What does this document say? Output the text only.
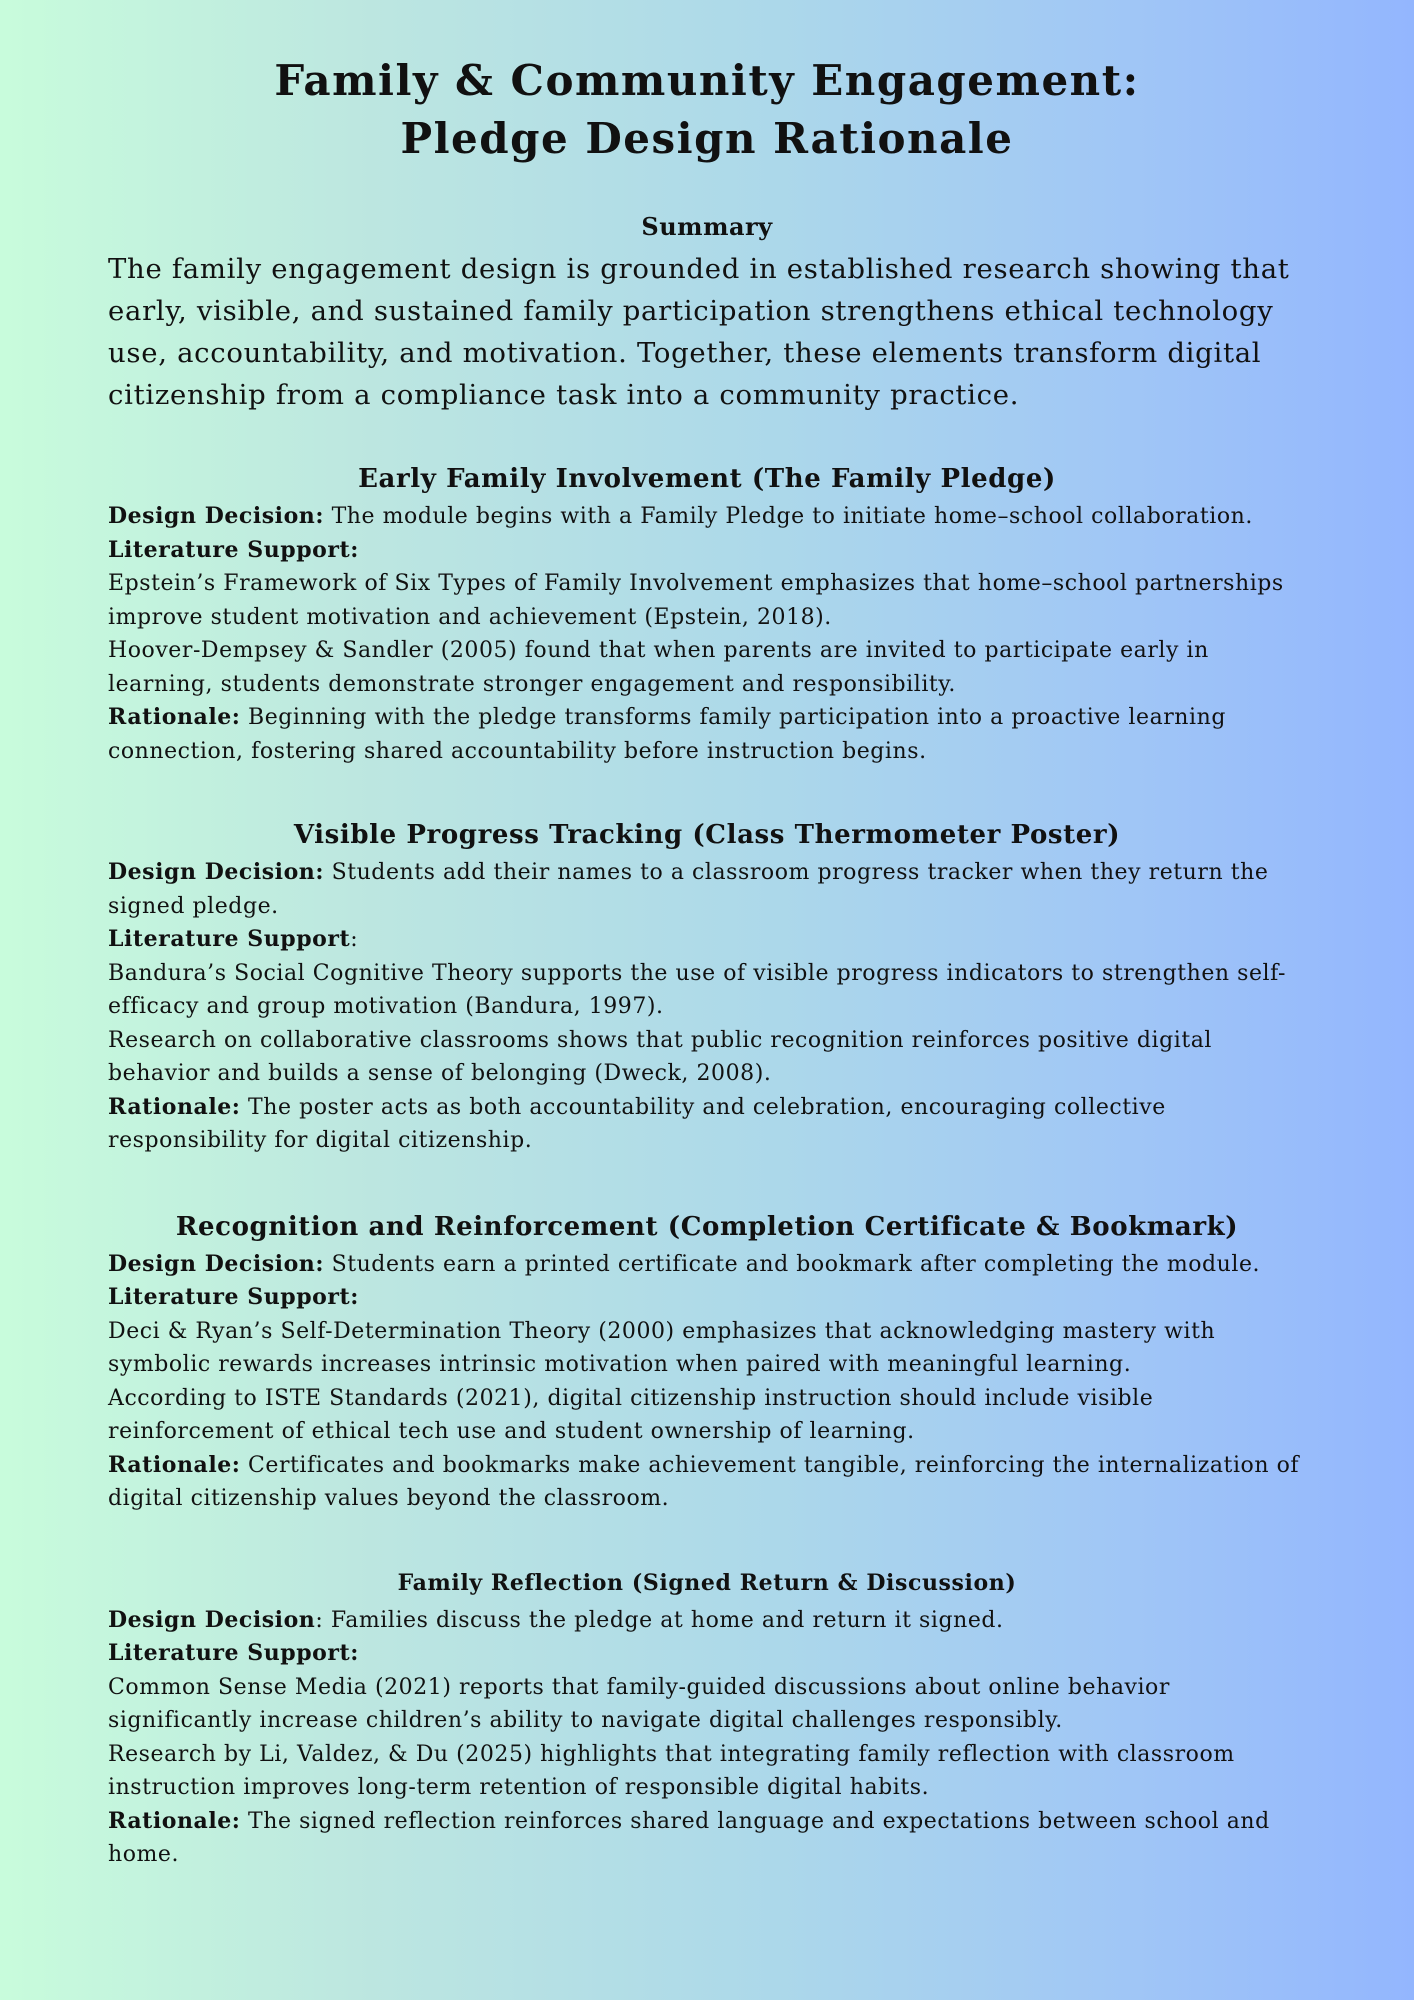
Family & Community Engagement:
Pledge Design Rationale
Summary

The family engagement design is grounded in established research showing that early, visible, and sustained family participation strengthens ethical technology use, accountability, and motivation. Together, these elements transform digital citizenship from a compliance task into a community practice.

Early Family Involvement (The Family Pledge)

Design Decision: The module begins with a Family Pledge to initiate home–school collaboration.

Literature Support:

Epstein’s Framework of Six Types of Family Involvement emphasizes that home–school partnerships improve student motivation and achievement (Epstein, 2018).

Hoover-Dempsey & Sandler (2005) found that when parents are invited to participate early in learning, students demonstrate stronger engagement and responsibility.

Rationale: Beginning with the pledge transforms family participation into a proactive learning connection, fostering shared accountability before instruction begins.

Visible Progress Tracking (Class Thermometer Poster)

Design Decision: Students add their names to a classroom progress tracker when they return the signed pledge.

Literature Support:

Bandura’s Social Cognitive Theory supports the use of visible progress indicators to strengthen self-efficacy and group motivation (Bandura, 1997).

Research on collaborative classrooms shows that public recognition reinforces positive digital behavior and builds a sense of belonging (Dweck, 2008).

Rationale: The poster acts as both accountability and celebration, encouraging collective responsibility for digital citizenship.

Recognition and Reinforcement (Completion Certificate & Bookmark)

Design Decision: Students earn a printed certificate and bookmark after completing the module.

Literature Support:

Deci & Ryan’s Self-Determination Theory (2000) emphasizes that acknowledging mastery with symbolic rewards increases intrinsic motivation when paired with meaningful learning.

According to ISTE Standards (2021), digital citizenship instruction should include visible reinforcement of ethical tech use and student ownership of learning.

Rationale: Certificates and bookmarks make achievement tangible, reinforcing the internalization of digital citizenship values beyond the classroom.

Family Reflection (Signed Return & Discussion)

Design Decision: Families discuss the pledge at home and return it signed.

Literature Support:

Common Sense Media (2021) reports that family-guided discussions about online behavior significantly increase children’s ability to navigate digital challenges responsibly.

Research by Li, Valdez, & Du (2025) highlights that integrating family reflection with classroom instruction improves long-term retention of responsible digital habits.

Rationale: The signed reflection reinforces shared language and expectations between school and home.
